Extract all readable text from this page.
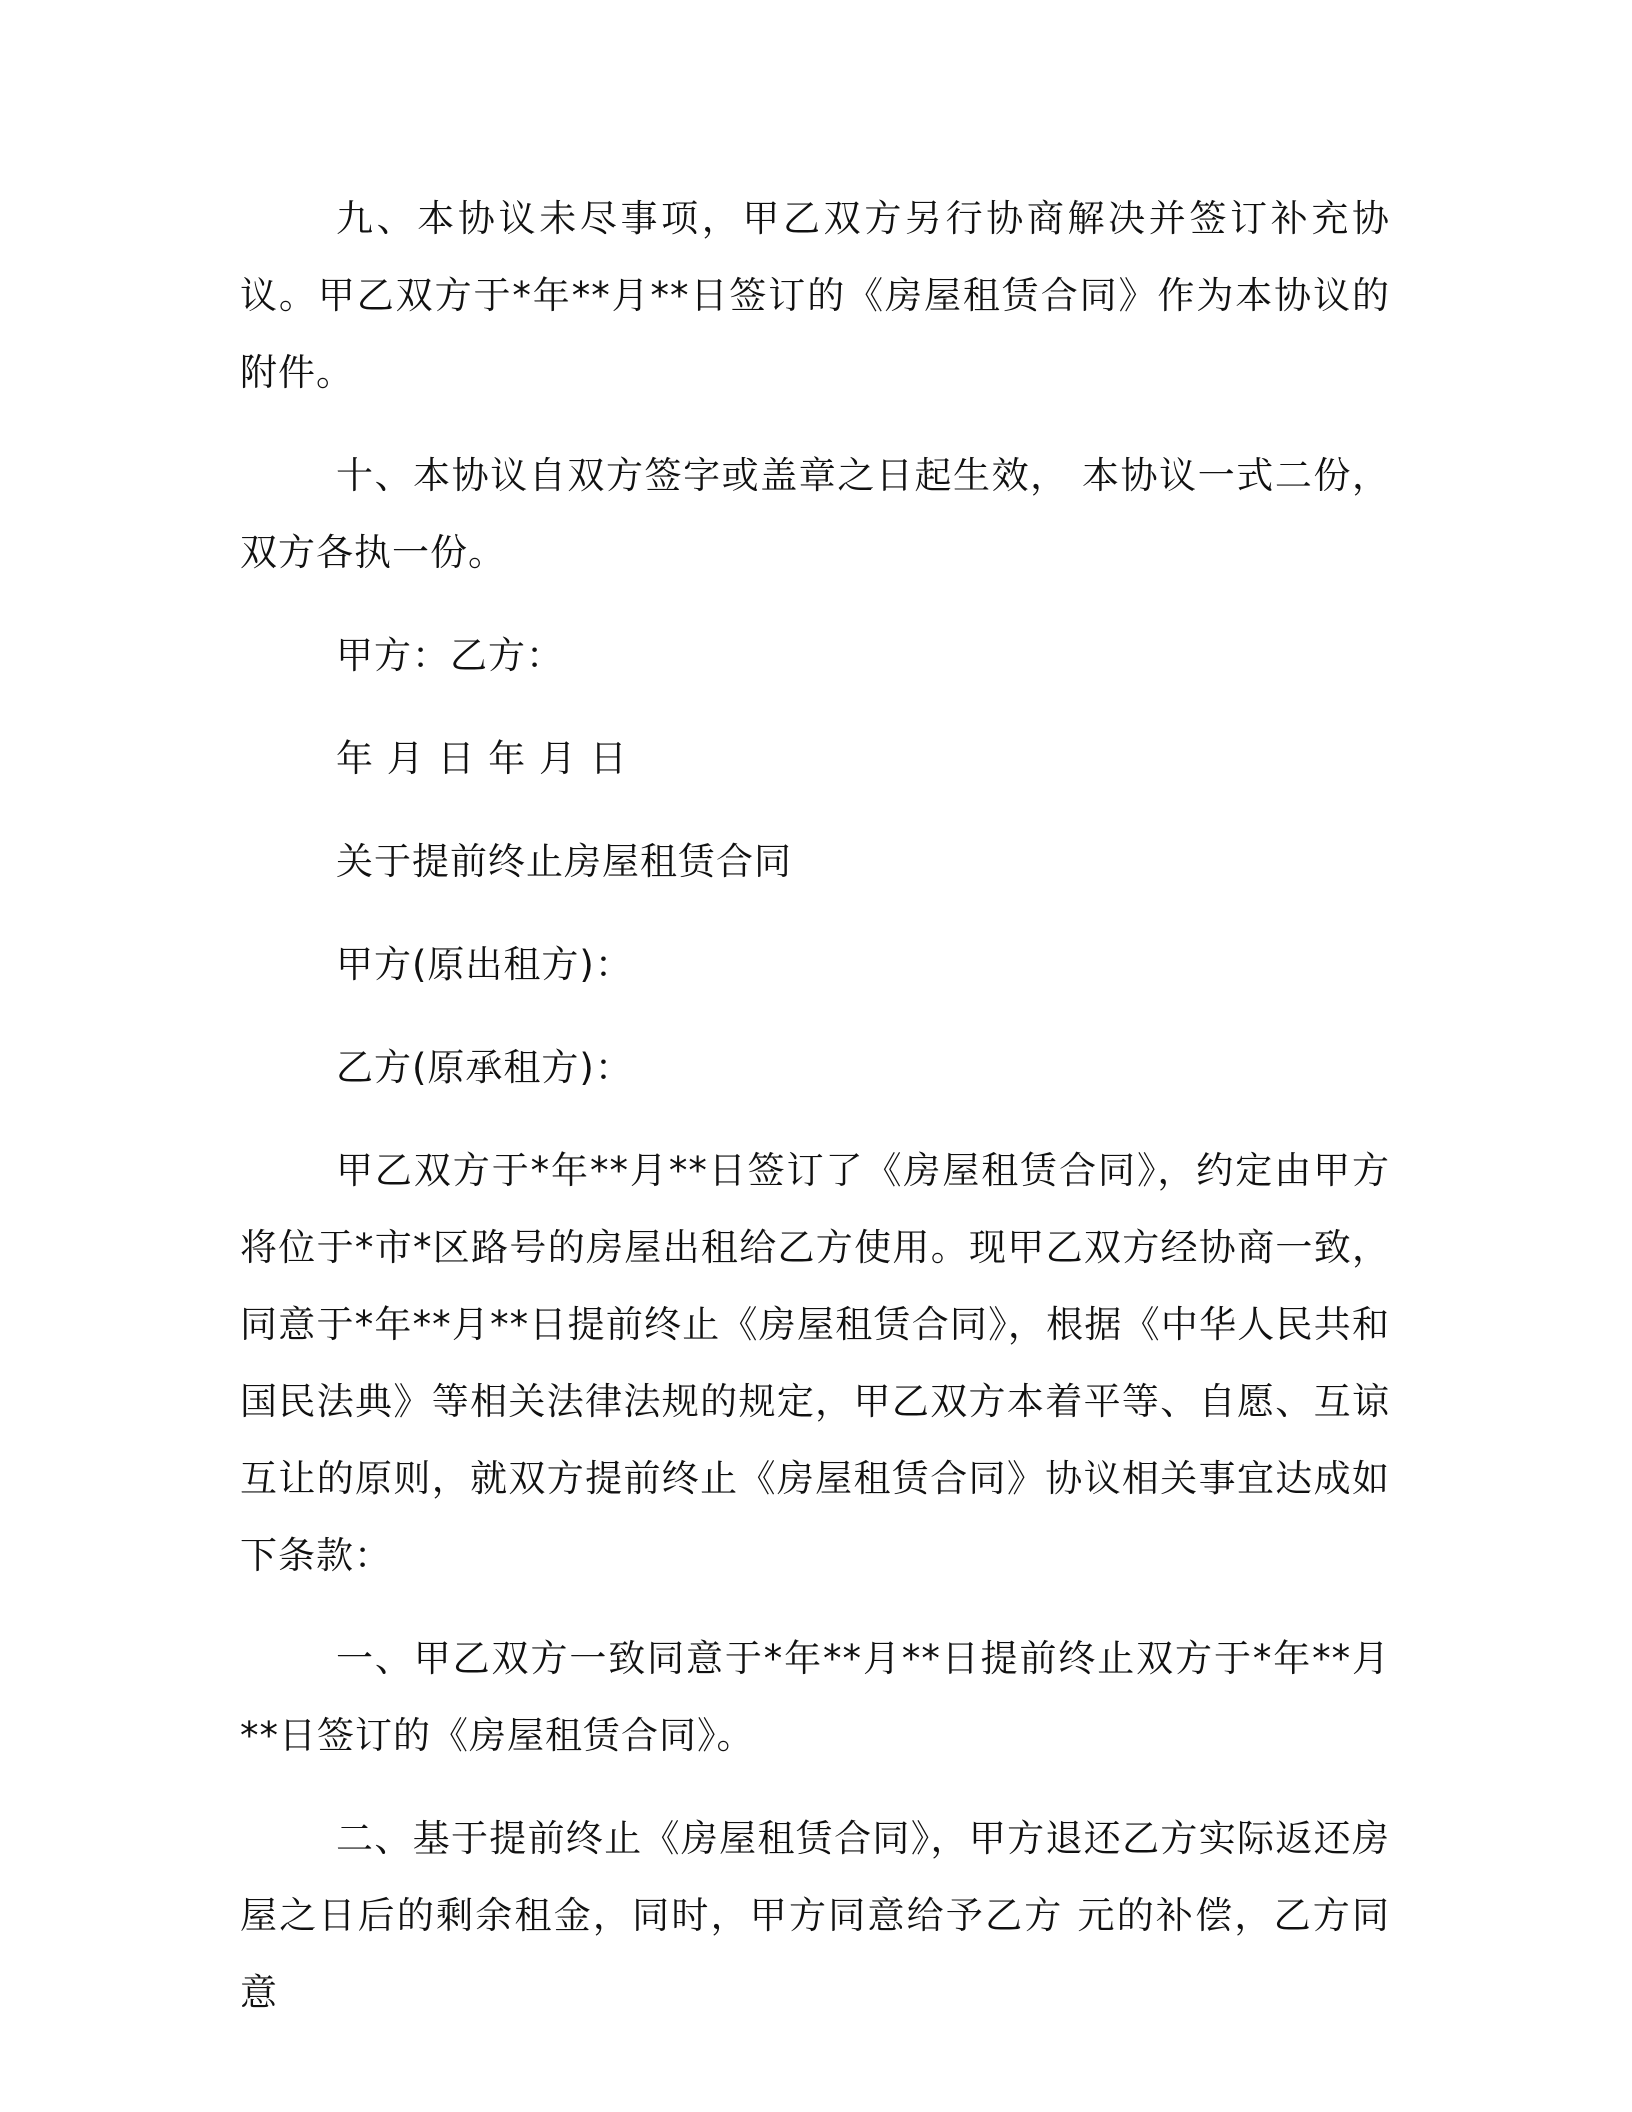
九、本协议未尽事项，甲乙双方另行协商解决并签订补充协议。甲乙双方于*年**月**日签订的《房屋租赁合同》作为本协议的附件。

十、本协议自双方签字或盖章之日起生效， 本协议一式二份，双方各执一份。

甲方：乙方：

年 月 日 年 月 日

关于提前终止房屋租赁合同

甲方(原出租方)：

乙方(原承租方)：

甲乙双方于*年**月**日签订了《房屋租赁合同》，约定由甲方将位于*市*区路号的房屋出租给乙方使用。现甲乙双方经协商一致，同意于*年**月**日提前终止《房屋租赁合同》，根据《中华人民共和国民法典》等相关法律法规的规定，甲乙双方本着平等、自愿、互谅互让的原则，就双方提前终止《房屋租赁合同》协议相关事宜达成如下条款：

一、甲乙双方一致同意于*年**月**日提前终止双方于*年**月**日签订的《房屋租赁合同》。

二、基于提前终止《房屋租赁合同》，甲方退还乙方实际返还房屋之日后的剩余租金，同时，甲方同意给予乙方 元的补偿，乙方同意
